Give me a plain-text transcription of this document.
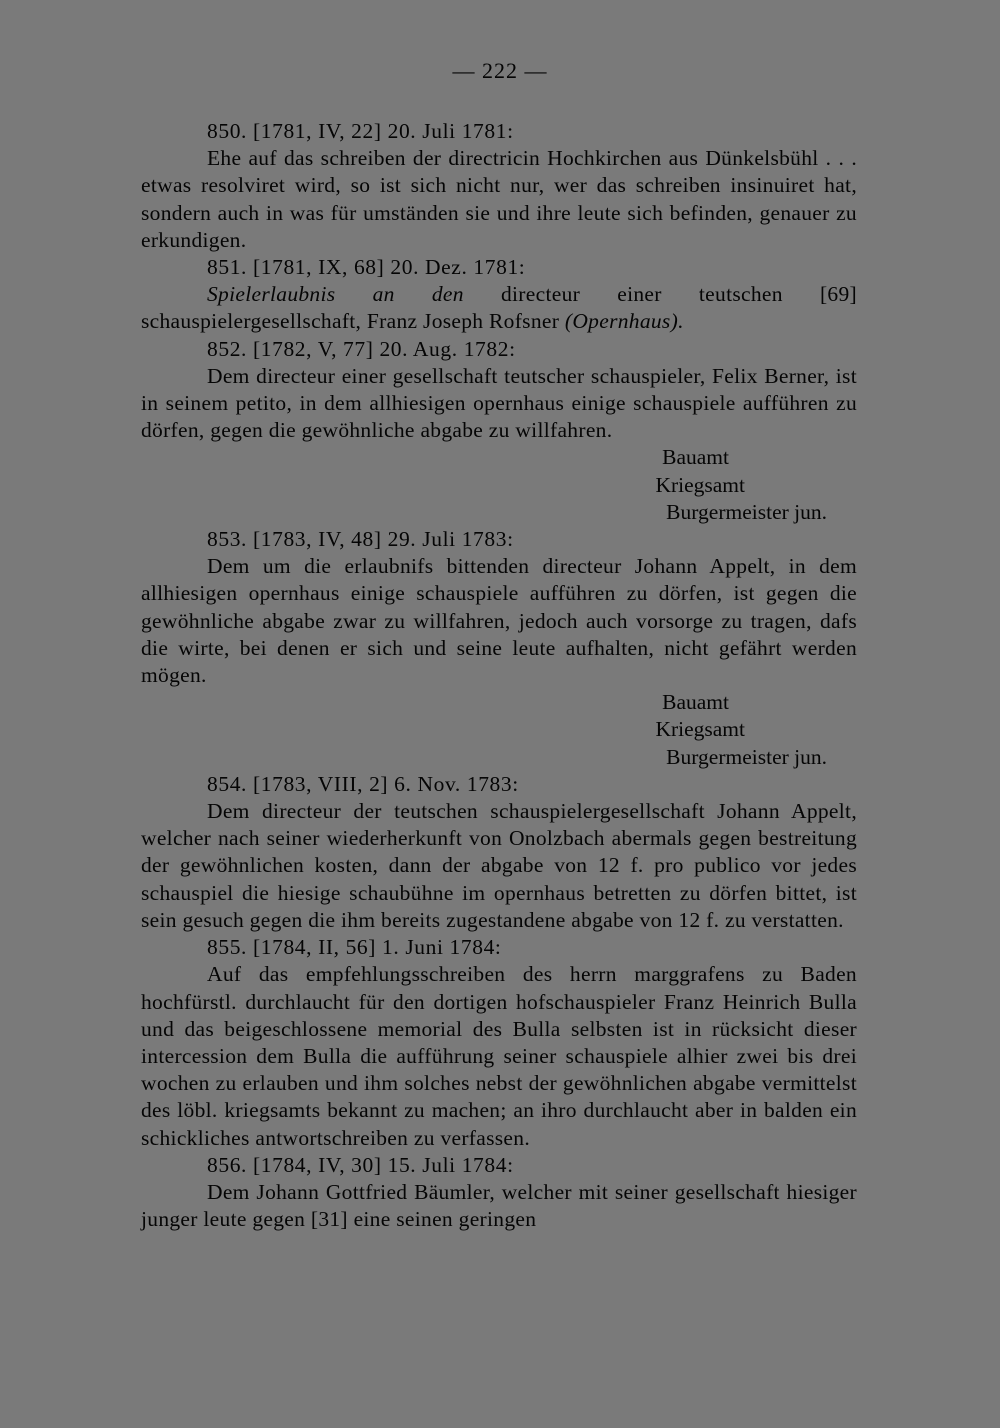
— 222 —
850. [1781, IV, 22] 20. Juli 1781:
Ehe auf das schreiben der directricin Hochkirchen aus Dünkelsbühl . . . etwas resolviret wird, so ist sich nicht nur, wer das schreiben insinuiret hat, sondern auch in was für umständen sie und ihre leute sich befinden, genauer zu erkundigen.
851. [1781, IX, 68] 20. Dez. 1781:
Spielerlaubnis an den directeur einer teutschen [69] schauspielergesellschaft, Franz Joseph Rofsner (Opernhaus).
852. [1782, V, 77] 20. Aug. 1782:
Dem directeur einer gesellschaft teutscher schauspieler, Felix Berner, ist in seinem petito, in dem allhiesigen opernhaus einige schauspiele aufführen zu dörfen, gegen die gewöhnliche abgabe zu willfahren.
Bauamt
Kriegsamt
Burgermeister jun.
853. [1783, IV, 48] 29. Juli 1783:
Dem um die erlaubnifs bittenden directeur Johann Appelt, in dem allhiesigen opernhaus einige schauspiele aufführen zu dörfen, ist gegen die gewöhnliche abgabe zwar zu willfahren, jedoch auch vorsorge zu tragen, dafs die wirte, bei denen er sich und seine leute aufhalten, nicht gefährt werden mögen.
Bauamt
Kriegsamt
Burgermeister jun.
854. [1783, VIII, 2] 6. Nov. 1783:
Dem directeur der teutschen schauspielergesellschaft Johann Appelt, welcher nach seiner wiederherkunft von Onolzbach abermals gegen bestreitung der gewöhnlichen kosten, dann der abgabe von 12 f. pro publico vor jedes schauspiel die hiesige schaubühne im opernhaus betretten zu dörfen bittet, ist sein gesuch gegen die ihm bereits zugestandene abgabe von 12 f. zu verstatten.
855. [1784, II, 56] 1. Juni 1784:
Auf das empfehlungsschreiben des herrn marggrafens zu Baden hochfürstl. durchlaucht für den dortigen hofschauspieler Franz Heinrich Bulla und das beigeschlossene memorial des Bulla selbsten ist in rücksicht dieser intercession dem Bulla die aufführung seiner schauspiele alhier zwei bis drei wochen zu erlauben und ihm solches nebst der gewöhnlichen abgabe vermittelst des löbl. kriegsamts bekannt zu machen; an ihro durchlaucht aber in balden ein schickliches antwortschreiben zu verfassen.
856. [1784, IV, 30] 15. Juli 1784:
Dem Johann Gottfried Bäumler, welcher mit seiner gesellschaft hiesiger junger leute gegen [31] eine seinen geringen
